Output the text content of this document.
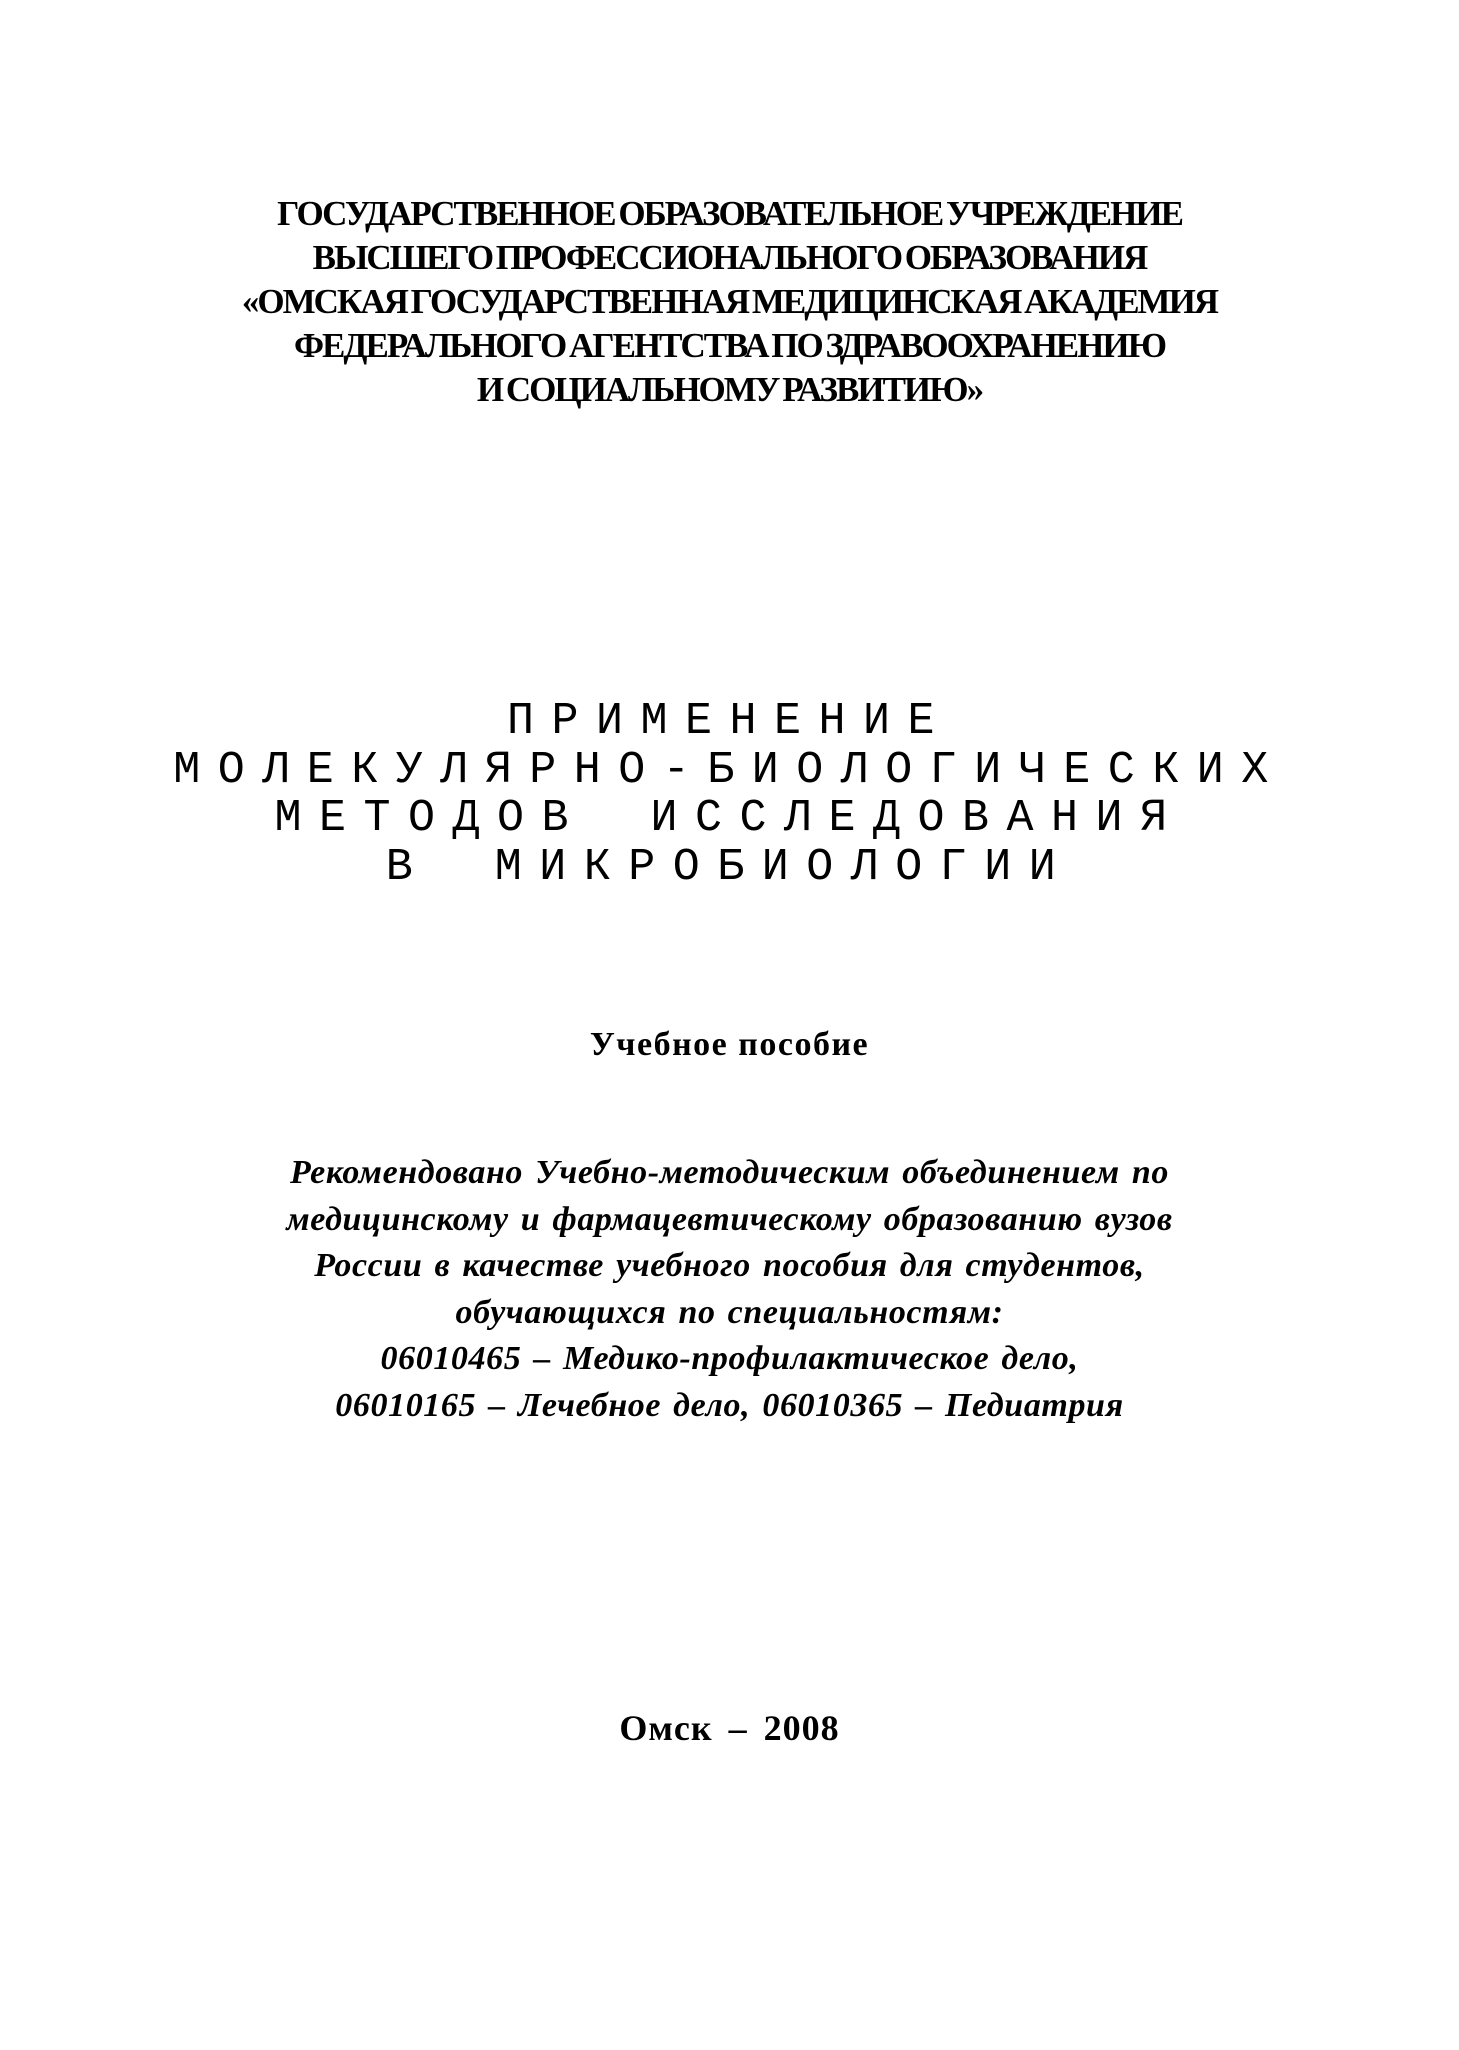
ГОСУДАРСТВЕННОЕ ОБРАЗОВАТЕЛЬНОЕ УЧРЕЖДЕНИЕ
ВЫСШЕГО ПРОФЕССИОНАЛЬНОГО ОБРАЗОВАНИЯ
«ОМСКАЯ ГОСУДАРСТВЕННАЯ МЕДИЦИНСКАЯ АКАДЕМИЯ
ФЕДЕРАЛЬНОГО АГЕНТСТВА ПО ЗДРАВООХРАНЕНИЮ
И СОЦИАЛЬНОМУ РАЗВИТИЮ»
ПРИМЕНЕНИЕ
МОЛЕКУЛЯРНО-БИОЛОГИЧЕСКИХ
МЕТОДОВ ИССЛЕДОВАНИЯ
В МИКРОБИОЛОГИИ
Учебное пособие
Рекомендовано Учебно-методическим объединением по
медицинскому и фармацевтическому образованию вузов
России в качестве учебного пособия для студентов,
обучающихся по специальностям:
06010465 – Медико-профилактическое дело,
06010165 – Лечебное дело, 06010365 – Педиатрия
Омск – 2008
